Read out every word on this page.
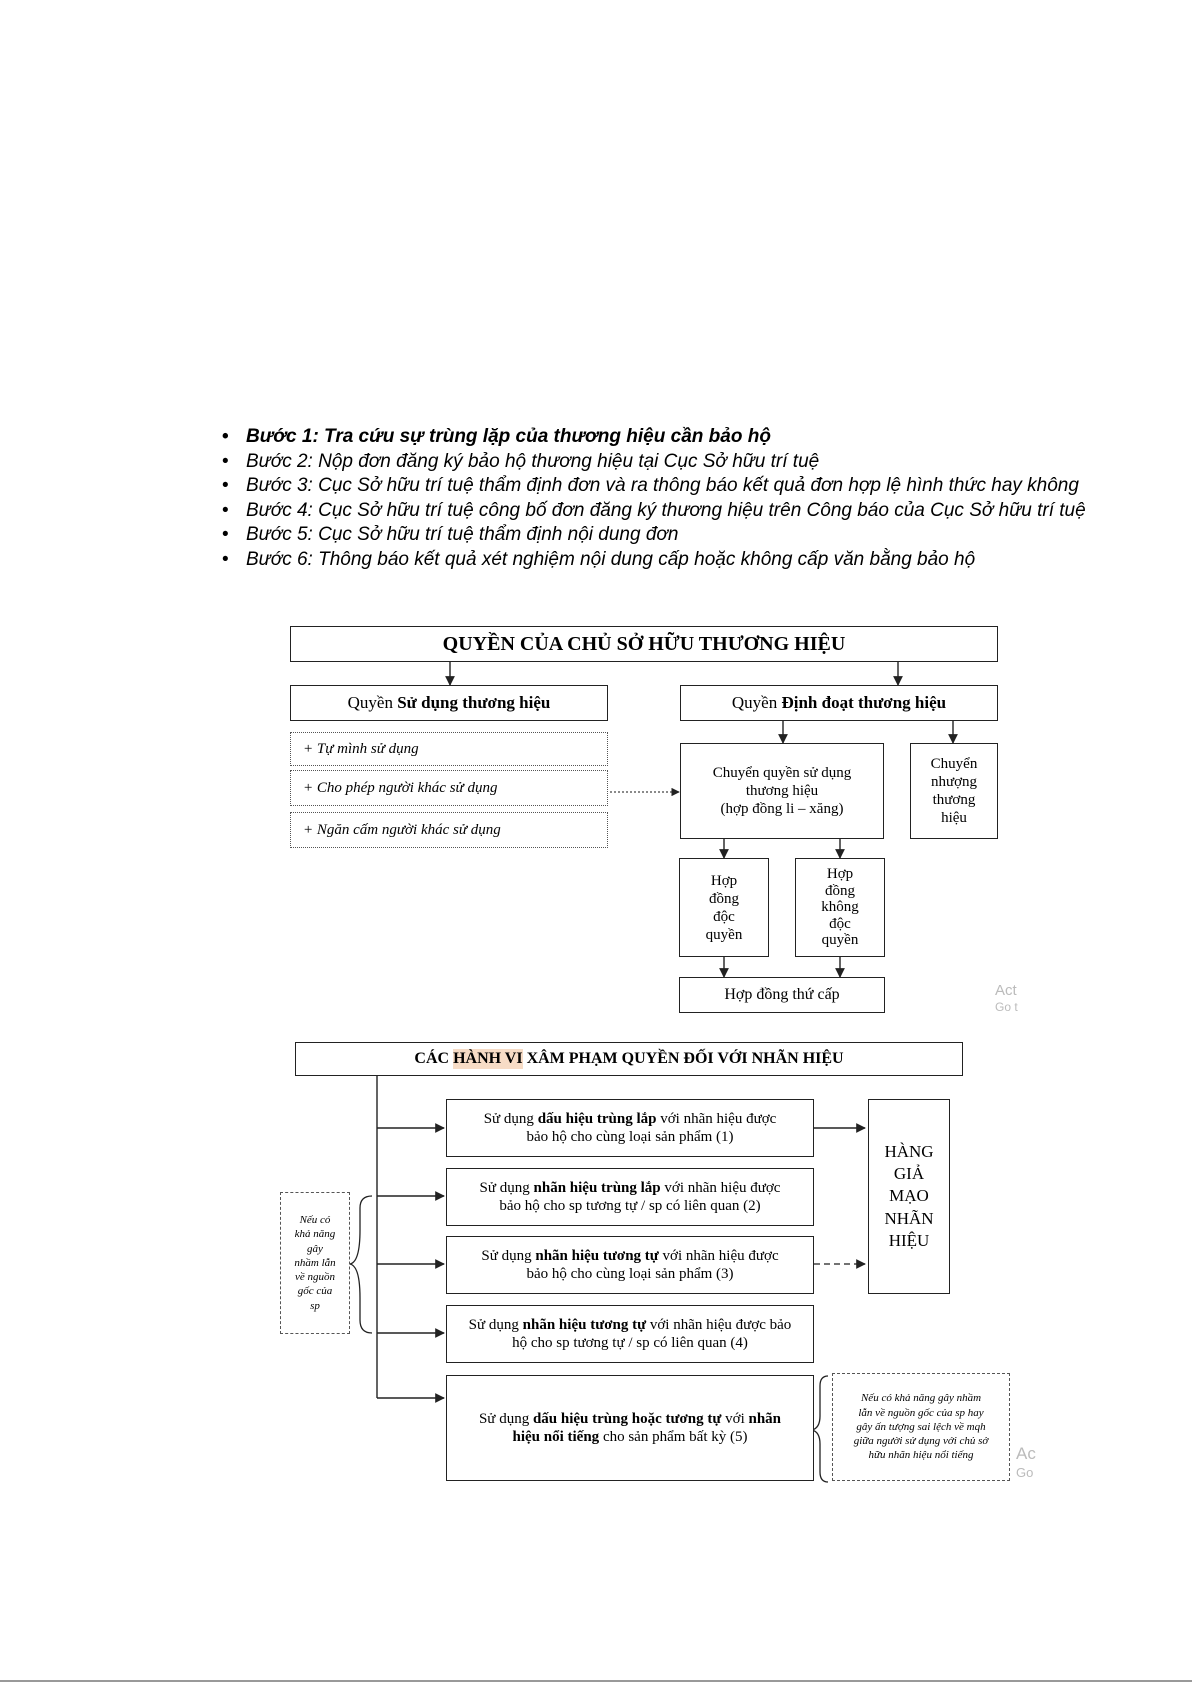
• Bước 1: Tra cứu sự trùng lặp của thương hiệu cần bảo hộ
• Bước 2: Nộp đơn đăng ký bảo hộ thương hiệu tại Cục Sở hữu trí tuệ
• Bước 3: Cục Sở hữu trí tuệ thẩm định đơn và ra thông báo kết quả đơn hợp lệ hình thức hay không
• Bước 4: Cục Sở hữu trí tuệ công bố đơn đăng ký thương hiệu trên Công báo của Cục Sở hữu trí tuệ
• Bước 5: Cục Sở hữu trí tuệ thẩm định nội dung đơn
• Bước 6: Thông báo kết quả xét nghiệm nội dung cấp hoặc không cấp văn bằng bảo hộ
QUYỀN CỦA CHỦ SỞ HỮU THƯƠNG HIỆU
Quyền Sử dụng thương hiệu	Quyền Định đoạt thương hiệu
+ Tự mình sử dụng
+ Cho phép người khác sử dụng
+ Ngăn cấm người khác sử dụng
Chuyển quyền sử dụng
thương hiệu
(hợp đồng li – xăng)
Chuyển
nhượng
thương
hiệu
Hợp
đồng
độc
quyền
Hợp
đồng
không
độc
quyền
Hợp đồng thứ cấp	Act
Go t
CÁC HÀNH VI XÂM PHẠM QUYỀN ĐỐI VỚI NHÃN HIỆU
Sử dụng dấu hiệu trùng lắp với nhãn hiệu được
bảo hộ cho cùng loại sản phẩm (1)
Sử dụng nhãn hiệu trùng lắp với nhãn hiệu được
bảo hộ cho sp tương tự / sp có liên quan (2)
Sử dụng nhãn hiệu tương tự với nhãn hiệu được
bảo hộ cho cùng loại sản phẩm (3)
Sử dụng nhãn hiệu tương tự với nhãn hiệu được bảo
hộ cho sp tương tự / sp có liên quan (4)
Sử dụng dấu hiệu trùng hoặc tương tự với nhãn
hiệu nổi tiếng cho sản phẩm bất kỳ (5)
HÀNG
GIẢ
MẠO
NHÃN
HIỆU
Nếu có
khả năng
gây
nhầm lẫn
về nguồn
gốc của
sp
Nếu có khả năng gây nhầm
lẫn về nguồn gốc của sp hay
gây ấn tượng sai lệch về mqh
giữa người sử dụng với chủ sở
hữu nhãn hiệu nổi tiếng	Ac
Go
